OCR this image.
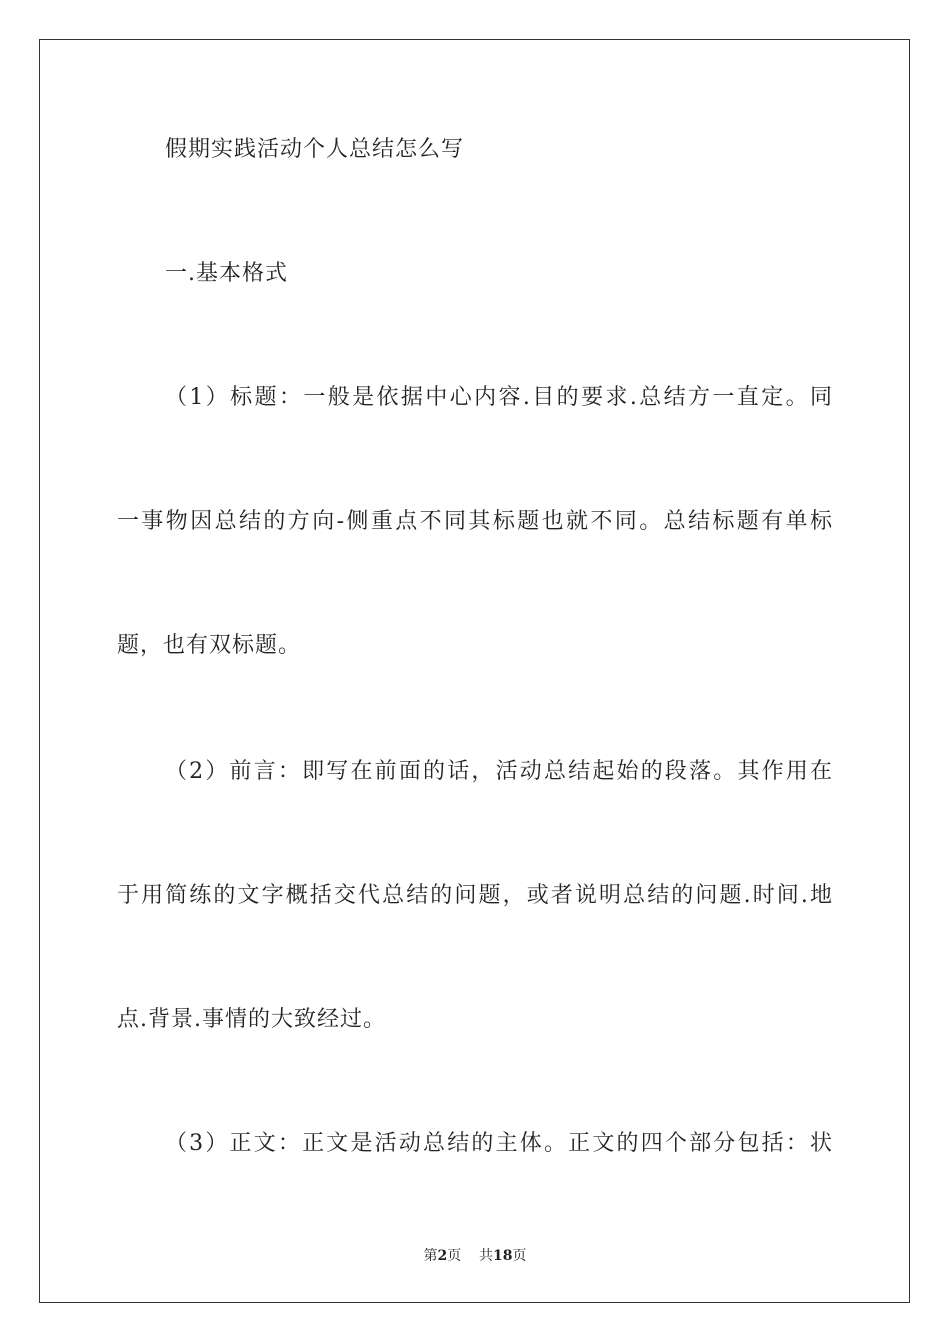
假期实践活动个人总结怎么写
一.基本格式
（1）标题：一般是依据中心内容.目的要求.总结方一直定。同
一事物因总结的方向-侧重点不同其标题也就不同。总结标题有单标
题，也有双标题。
（2）前言：即写在前面的话，活动总结起始的段落。其作用在
于用简练的文字概括交代总结的问题，或者说明总结的问题.时间.地
点.背景.事情的大致经过。
（3）正文：正文是活动总结的主体。正文的四个部分包括：状
第2页 共18页
